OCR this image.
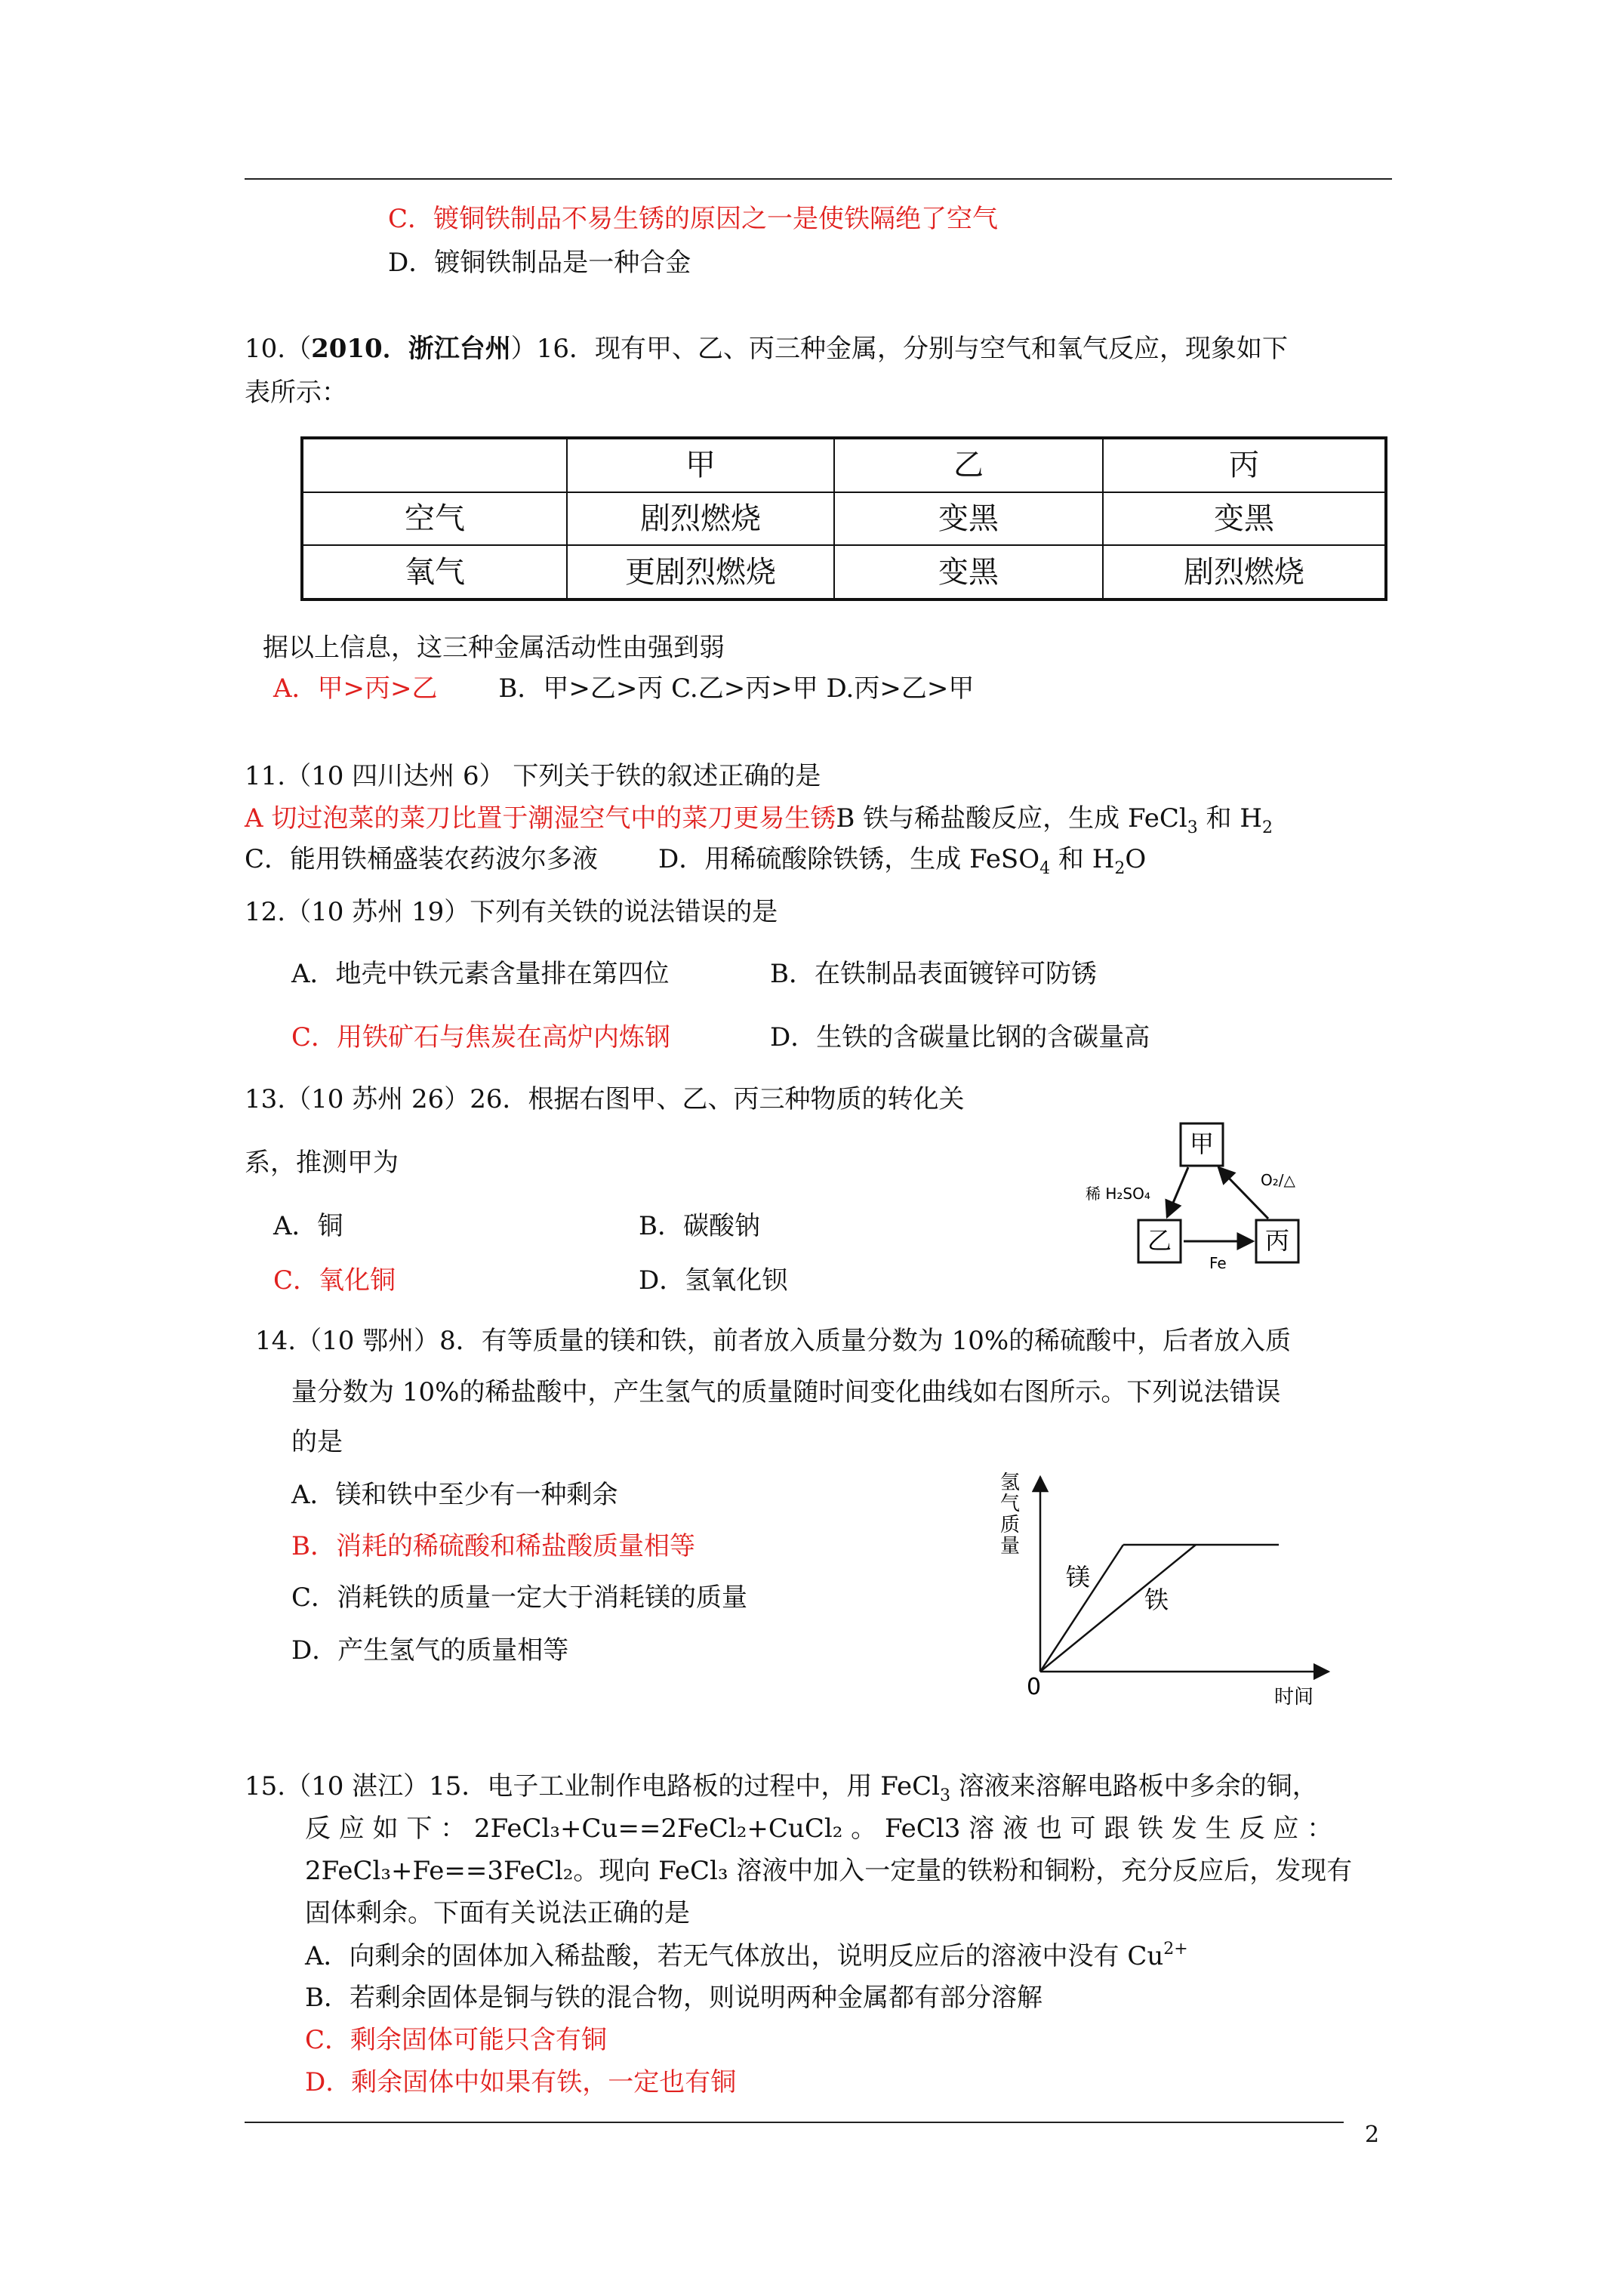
C．镀铜铁制品不易生锈的原因之一是使铁隔绝了空气
D．镀铜铁制品是一种合金
10.（2010．浙江台州）16．现有甲、乙、丙三种金属，分别与空气和氧气反应，现象如下
表所示：
	甲	乙	丙
空气	剧烈燃烧	变黑	变黑
氧气	更剧烈燃烧	变黑	剧烈燃烧
据以上信息，这三种金属活动性由强到弱
A．甲>丙>乙 B．甲>乙>丙 C.乙>丙>甲 D.丙>乙>甲
11.（10 四川达州 6） 下列关于铁的叙述正确的是
A 切过泡菜的菜刀比置于潮湿空气中的菜刀更易生锈B 铁与稀盐酸反应，生成 FeCl$_3$ 和 $H_2$
C．能用铁桶盛装农药波尔多液 D．用稀硫酸除铁锈，生成 FeSO$_4$ 和 $H_2O$
12.（10 苏州 19）下列有关铁的说法错误的是
A．地壳中铁元素含量排在第四位	B．在铁制品表面镀锌可防锈
C．用铁矿石与焦炭在高炉内炼钢	D．生铁的含碳量比钢的含碳量高
13.（10 苏州 26）26．根据右图甲、乙、丙三种物质的转化关
系，推测甲为
A．铜	B．碳酸钠
C．氧化铜	D．氢氧化钡
甲
乙	丙
稀 H₂SO₄
O₂/△
Fe
14.（10 鄂州）8．有等质量的镁和铁，前者放入质量分数为 10%的稀硫酸中，后者放入质
量分数为 10%的稀盐酸中，产生氢气的质量随时间变化曲线如右图所示。下列说法错误
的是
A．镁和铁中至少有一种剩余
B．消耗的稀硫酸和稀盐酸质量相等
C．消耗铁的质量一定大于消耗镁的质量
D．产生氢气的质量相等
氢气质量
时间
0
镁
铁
15.（10 湛江）15．电子工业制作电路板的过程中，用 FeCl$_3$ 溶液来溶解电路板中多余的铜，
反 应 如 下 ： 2FeCl₃+Cu==2FeCl₂+CuCl₂ 。 FeCl3 溶 液 也 可 跟 铁 发 生 反 应 ：
2FeCl₃+Fe==3FeCl₂。现向 FeCl₃ 溶液中加入一定量的铁粉和铜粉，充分反应后，发现有
固体剩余。下面有关说法正确的是
A．向剩余的固体加入稀盐酸，若无气体放出，说明反应后的溶液中没有 $Cu^{2+}$
B．若剩余固体是铜与铁的混合物，则说明两种金属都有部分溶解
C．剩余固体可能只含有铜
D．剩余固体中如果有铁，一定也有铜
2
